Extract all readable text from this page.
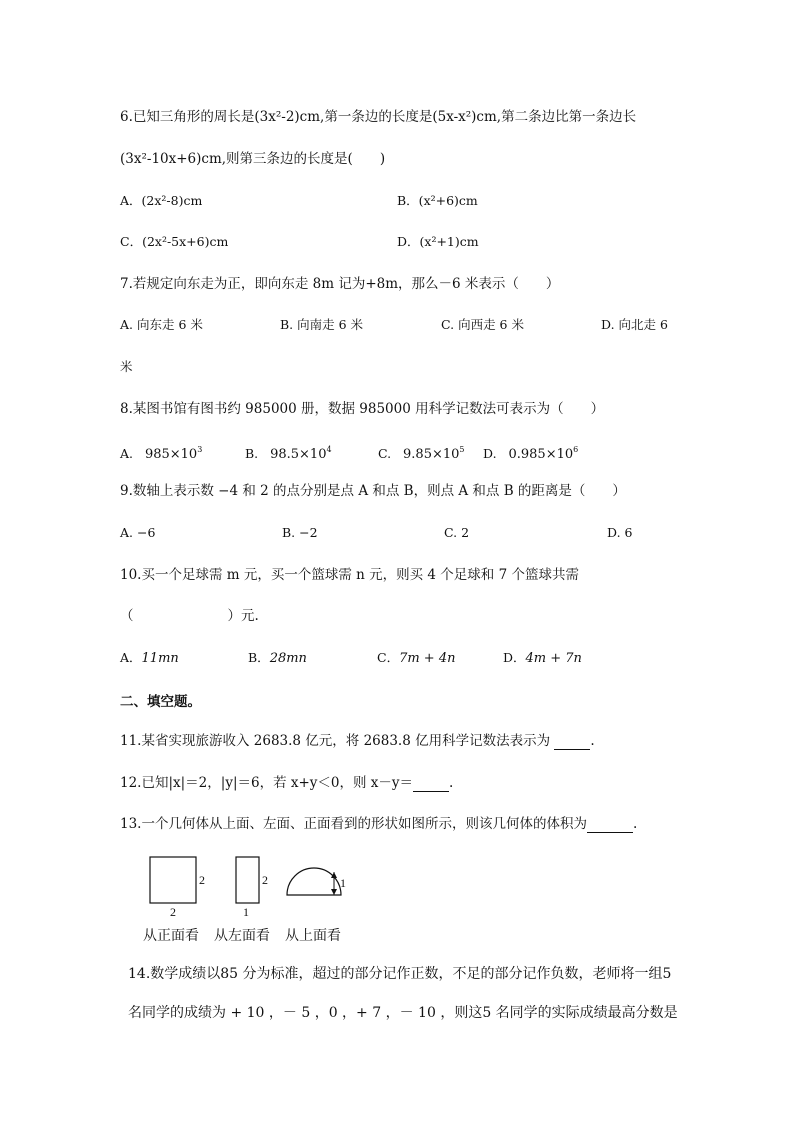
6.已知三角形的周长是(3x²-2)cm,第一条边的长度是(5x-x²)cm,第二条边比第一条边长
(3x²-10x+6)cm,则第三条边的长度是(　　)
A．(2x²-8)cm	B．(x²+6)cm
C．(2x²-5x+6)cm	D．(x²+1)cm
7.若规定向东走为正，即向东走 8m 记为+8m，那么－6 米表示（　　）
A. 向东走 6 米	B. 向南走 6 米	C. 向西走 6 米	D. 向北走 6
米
8.某图书馆有图书约 985000 册，数据 985000 用科学记数法可表示为（　　）
A. $985\times 10^3$	B. $98.5\times 10^4$	C. $9.85\times 10^5$ D. $0.985\times 10^6$
9.数轴上表示数 −4 和 2 的点分别是点 A 和点 B，则点 A 和点 B 的距离是（　　）
A. −6	B. −2	C. 2	D. 6
10.买一个足球需 m 元，买一个篮球需 n 元，则买 4 个足球和 7 个篮球共需
（	）元.
A．11mn	B．28mn	C．7m + 4n	D．4m + 7n
二、填空题。
11.某省实现旅游收入 2683.8 亿元，将 2683.8 亿用科学记数法表示为	.
12.已知|x|＝2，|y|＝6，若 x+y＜0，则 x－y＝	.
13.一个几何体从上面、左面、正面看到的形状如图所示，则该几何体的体积为	.
2
2
2
1
1
从正面看 从左面看 从上面看
14.数学成绩以85 分为标准，超过的部分记作正数，不足的部分记作负数，老师将一组5
名同学的成绩为 + 10 ，－ 5 ，0 ，+ 7 ，－ 10 ，则这5 名同学的实际成绩最高分数是
